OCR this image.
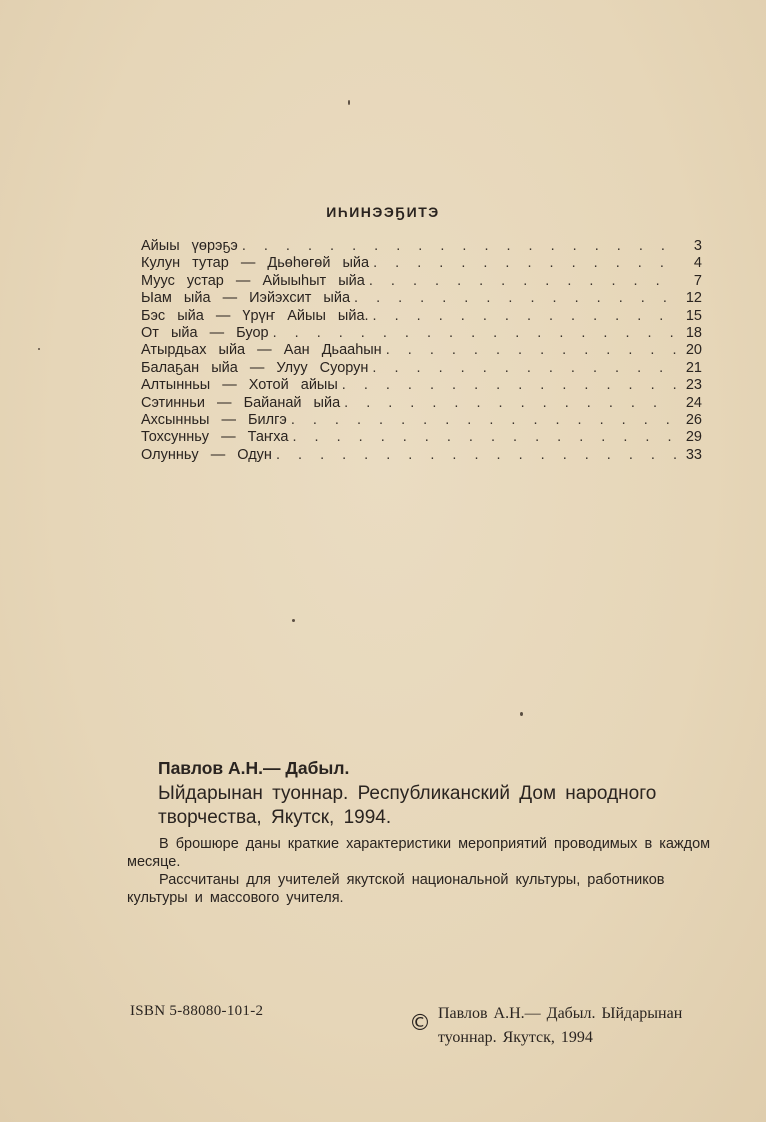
ИҺИНЭЭҔИТЭ
Айыы  үөрэҕэ . . .	3
Кулун  тутар  —  Дьөһөгөй  ыйа . . .	4
Муус  устар  —  Айыыһыт  ыйа . . .	7
Ыам  ыйа  —  Иэйэхсит  ыйа . . .	12
Бэс  ыйа  —  Үрүҥ  Айыы  ыйа. . . .	15
От  ыйа  —  Буор . . .	18
Атырдьах  ыйа  —  Аан  Дьааһын . . .	20
Балаҕан  ыйа  —  Улуу  Суорун . . .	21
Алтынньы  —  Хотой  айыы . . .	23
Сэтинньи  —  Байанай  ыйа . . .	24
Ахсынньы  —  Билгэ . . .	26
Тохсунньу  —  Таҥха . . .	29
Олунньу  —  Одун . . .	33
Павлов А.Н.— Дабыл.
Ыйдарынан туоннар. Республиканский Дом народного творчества, Якутск, 1994.

В брошюре даны краткие характеристики мероприятий проводимых в каждом месяце.

Рассчитаны для учителей якутской национальной культуры, работников культуры и массового учителя.

ISBN 5-88080-101-2	© Павлов А.Н.— Дабыл. Ыйдарынан
туоннар. Якутск, 1994
